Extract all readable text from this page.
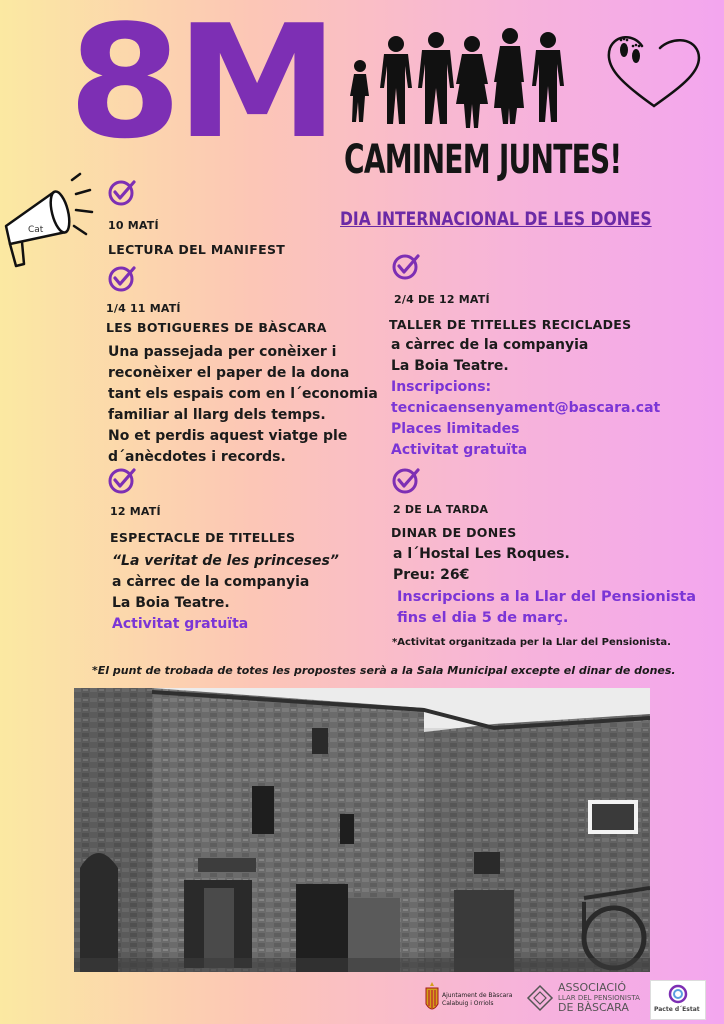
8M CAMINEM JUNTES!
DIA INTERNACIONAL DE LES DONES
Cat	10 MATÍ
LECTURA DEL MANIFEST
1/4 11 MATÍ
LES BOTIGUERES DE BÀSCARA
Una passejada per conèixer i
reconèixer el paper de la dona
tant els espais com en l´economia
familiar al llarg dels temps.
No et perdis aquest viatge ple
d´anècdotes i records.
12 MATÍ
ESPECTACLE DE TITELLES
“La veritat de les princeses”
a càrrec de la companyia
La Boia Teatre.
Activitat gratuïta
2/4 DE 12 MATÍ
TALLER DE TITELLES RECICLADES
a càrrec de la companyia
La Boia Teatre.
Inscripcions:
tecnicaensenyament@bascara.cat
Places limitades
Activitat gratuïta
2 DE LA TARDA
DINAR DE DONES
a l´Hostal Les Roques.
Preu: 26€
Inscripcions a la Llar del Pensionista
fins el dia 5 de març.
*Activitat organitzada per la Llar del Pensionista.
*El punt de trobada de totes les propostes serà a la Sala Municipal excepte el dinar de dones.
Ajuntament de Bàscara
Calabuig i Orriols
ASSOCIACIÓ
LLAR DEL PENSIONISTA
DE BÀSCARA	Pacte d´Estat
